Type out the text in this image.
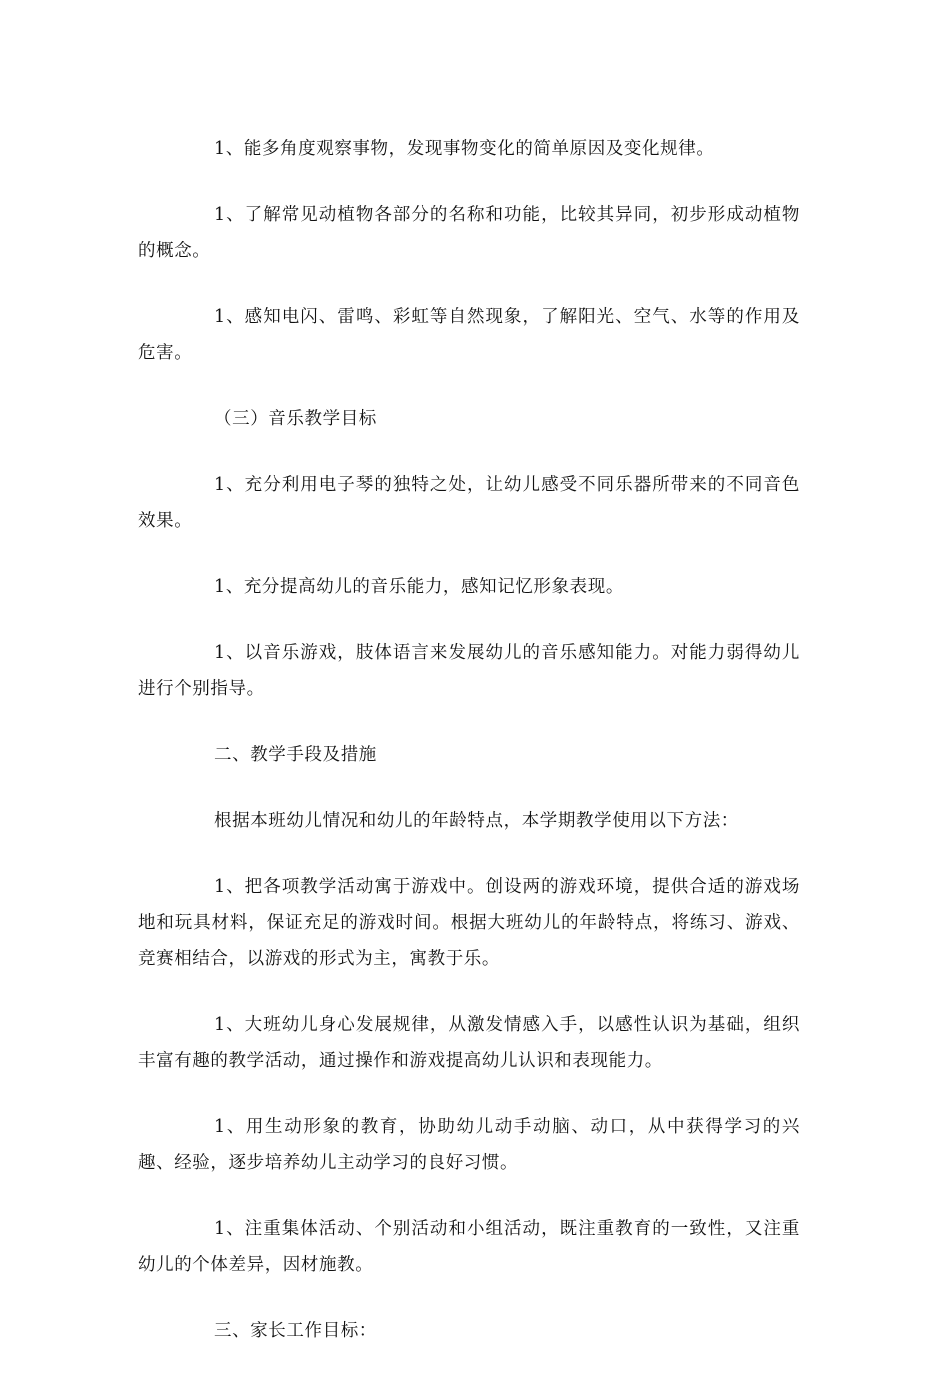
1、能多角度观察事物，发现事物变化的简单原因及变化规律。

1、了解常见动植物各部分的名称和功能，比较其异同，初步形成动植物的概念。

1、感知电闪、雷鸣、彩虹等自然现象，了解阳光、空气、水等的作用及危害。

（三）音乐教学目标

1、充分利用电子琴的独特之处，让幼儿感受不同乐器所带来的不同音色效果。

1、充分提高幼儿的音乐能力，感知记忆形象表现。

1、以音乐游戏，肢体语言来发展幼儿的音乐感知能力。对能力弱得幼儿进行个别指导。

二、教学手段及措施

根据本班幼儿情况和幼儿的年龄特点，本学期教学使用以下方法：

1、把各项教学活动寓于游戏中。创设两的游戏环境，提供合适的游戏场地和玩具材料，保证充足的游戏时间。根据大班幼儿的年龄特点，将练习、游戏、竞赛相结合，以游戏的形式为主，寓教于乐。

1、大班幼儿身心发展规律，从激发情感入手，以感性认识为基础，组织丰富有趣的教学活动，通过操作和游戏提高幼儿认识和表现能力。

1、用生动形象的教育，协助幼儿动手动脑、动口，从中获得学习的兴趣、经验，逐步培养幼儿主动学习的良好习惯。

1、注重集体活动、个别活动和小组活动，既注重教育的一致性，又注重幼儿的个体差异，因材施教。

三、家长工作目标：
